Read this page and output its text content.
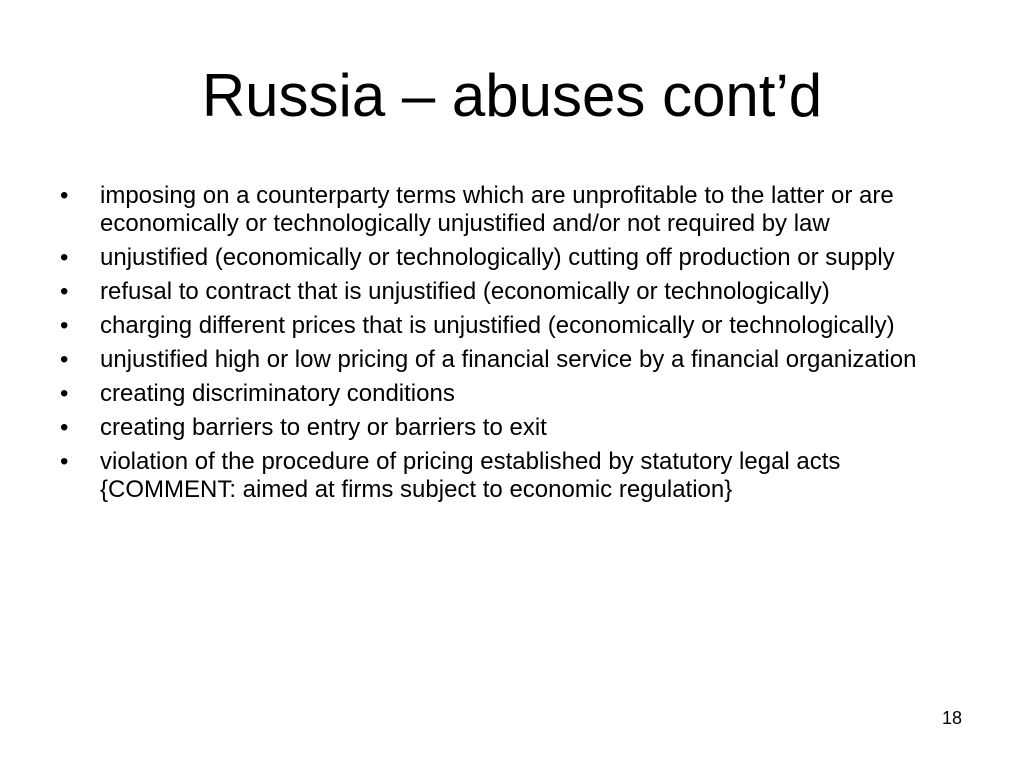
Russia – abuses cont’d
•	imposing on a counterparty terms which are unprofitable to the latter or are economically or technologically unjustified and/or not required by law
•	unjustified (economically or technologically) cutting off production or supply
•	refusal to contract that is unjustified (economically or technologically)
•	charging different prices that is unjustified (economically or technologically)
•	unjustified high or low pricing of a financial service by a financial organization
•	creating discriminatory conditions
•	creating barriers to entry or barriers to exit
•	violation of the procedure of pricing established by statutory legal acts {COMMENT: aimed at firms subject to economic regulation}
18
